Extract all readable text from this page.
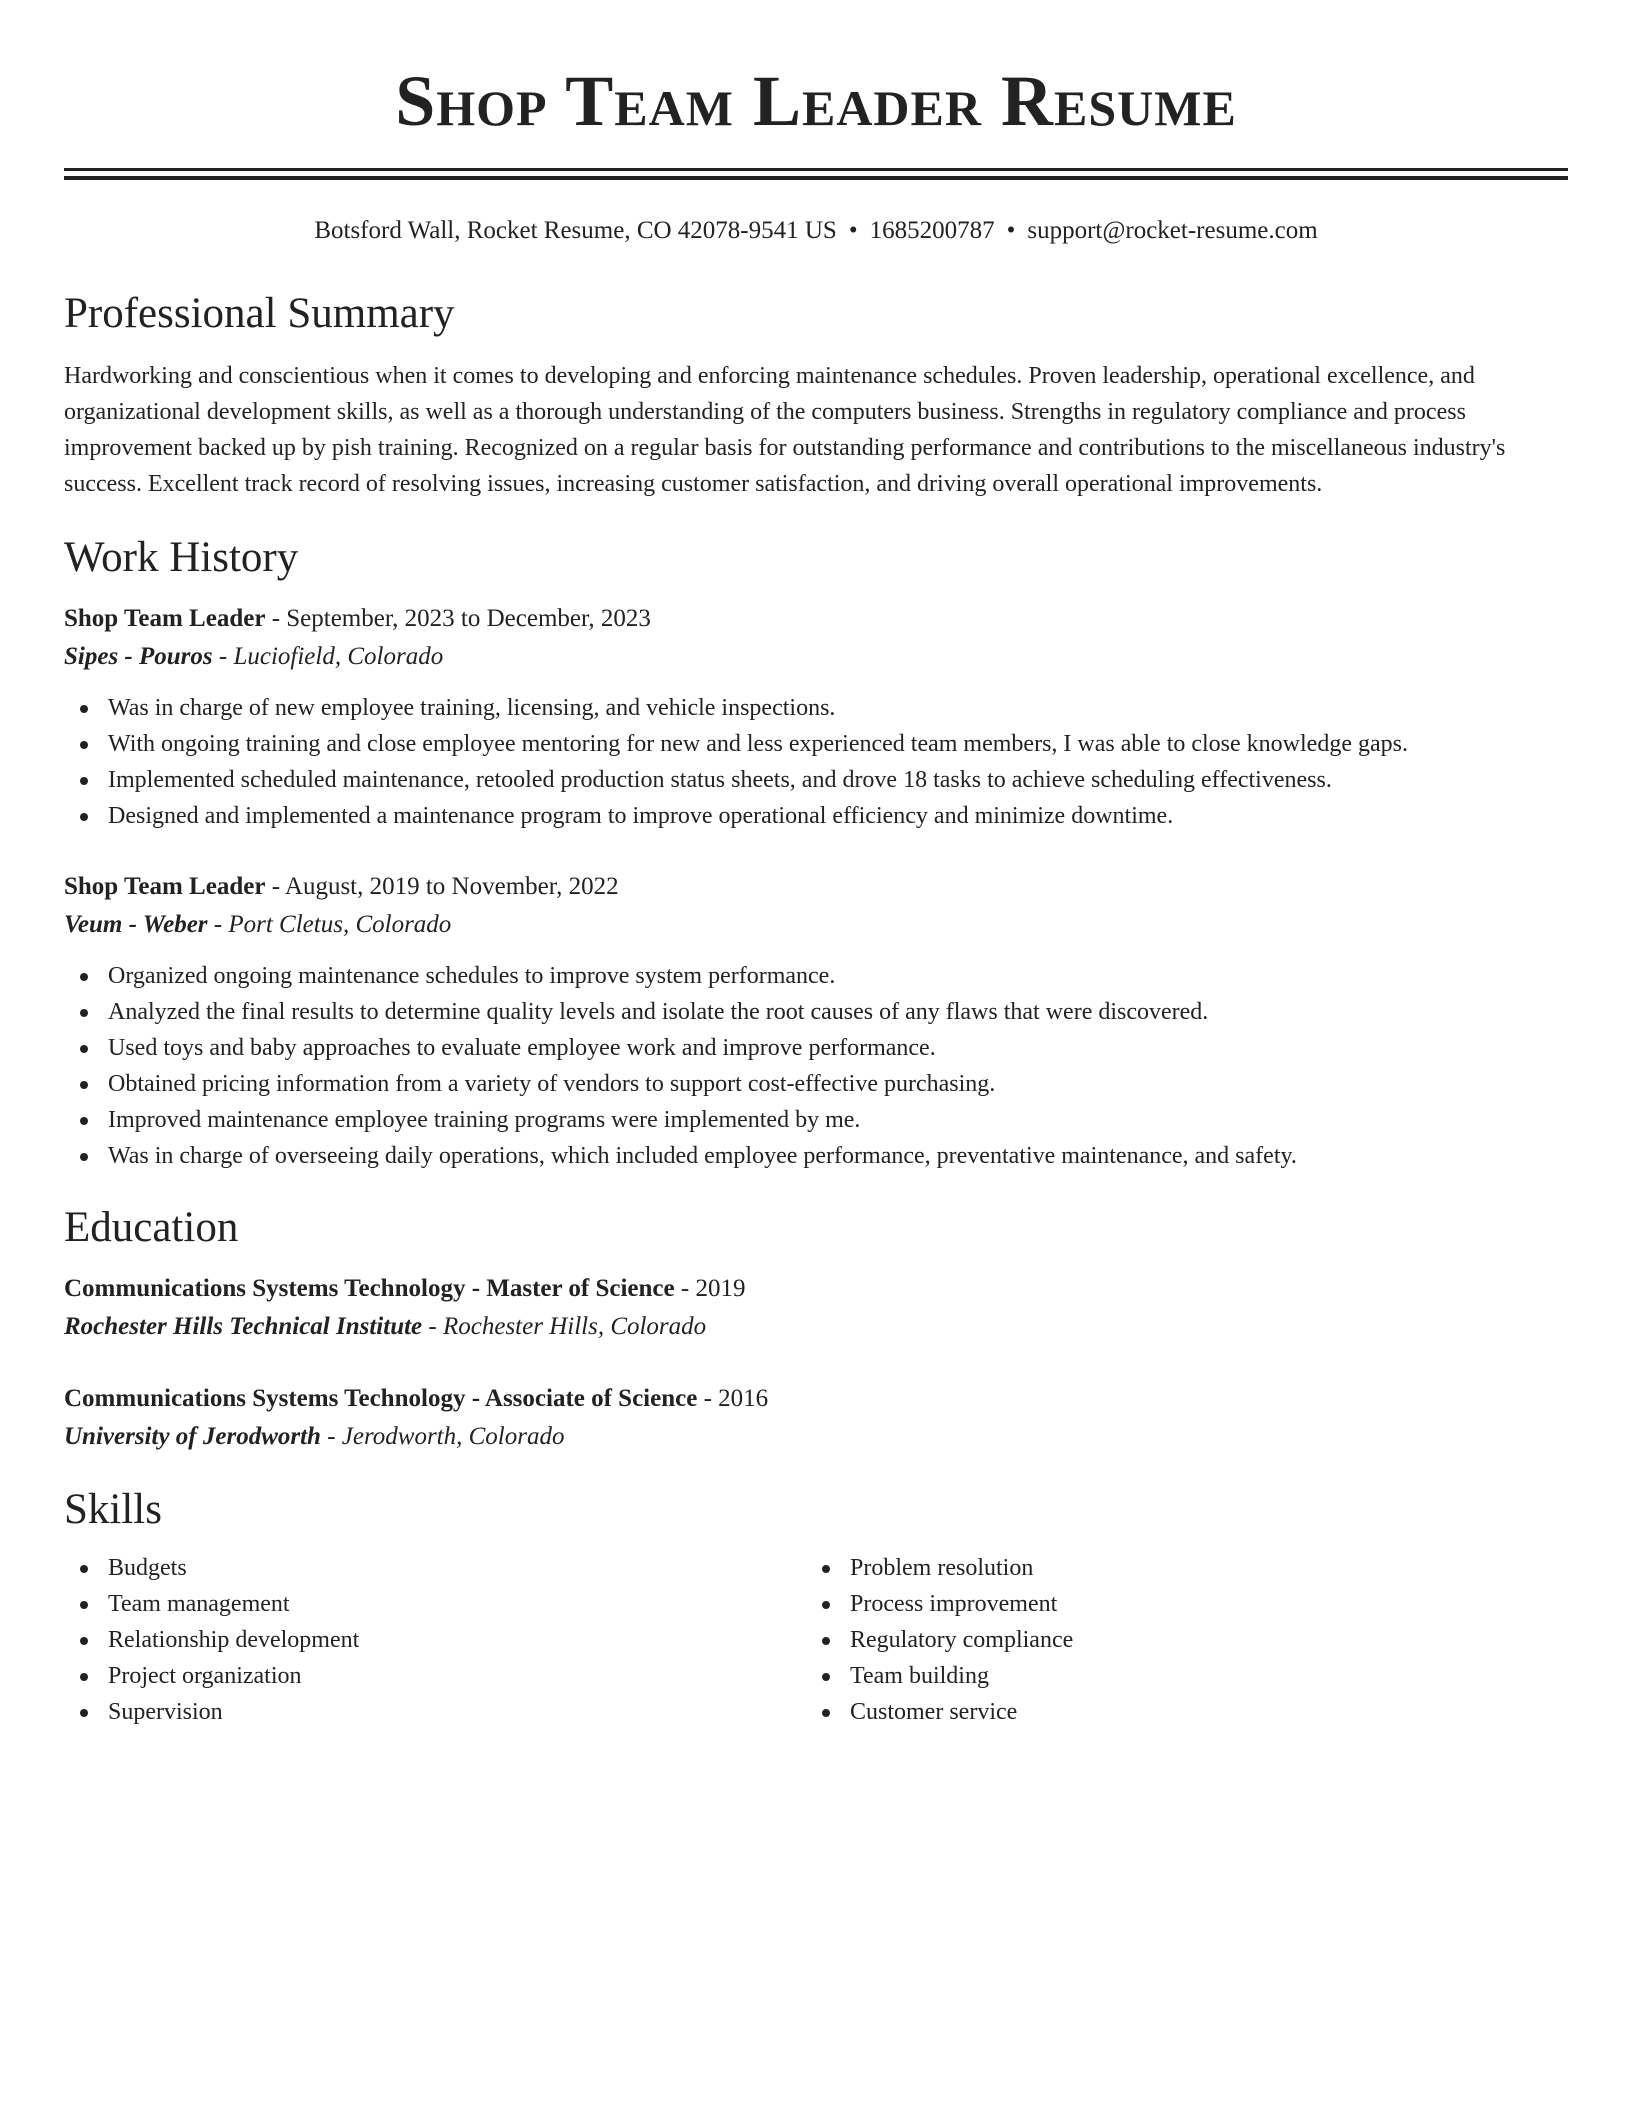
Shop Team Leader Resume
Botsford Wall, Rocket Resume, CO 42078-9541 US • 1685200787 • support@rocket-resume.com
Professional Summary
Hardworking and conscientious when it comes to developing and enforcing maintenance schedules. Proven leadership, operational excellence, and organizational development skills, as well as a thorough understanding of the computers business. Strengths in regulatory compliance and process improvement backed up by pish training. Recognized on a regular basis for outstanding performance and contributions to the miscellaneous industry's success. Excellent track record of resolving issues, increasing customer satisfaction, and driving overall operational improvements.
Work History
Shop Team Leader - September, 2023 to December, 2023
Sipes - Pouros - Luciofield, Colorado
Was in charge of new employee training, licensing, and vehicle inspections.
With ongoing training and close employee mentoring for new and less experienced team members, I was able to close knowledge gaps.
Implemented scheduled maintenance, retooled production status sheets, and drove 18 tasks to achieve scheduling effectiveness.
Designed and implemented a maintenance program to improve operational efficiency and minimize downtime.
Shop Team Leader - August, 2019 to November, 2022
Veum - Weber - Port Cletus, Colorado
Organized ongoing maintenance schedules to improve system performance.
Analyzed the final results to determine quality levels and isolate the root causes of any flaws that were discovered.
Used toys and baby approaches to evaluate employee work and improve performance.
Obtained pricing information from a variety of vendors to support cost-effective purchasing.
Improved maintenance employee training programs were implemented by me.
Was in charge of overseeing daily operations, which included employee performance, preventative maintenance, and safety.
Education
Communications Systems Technology - Master of Science - 2019
Rochester Hills Technical Institute - Rochester Hills, Colorado
Communications Systems Technology - Associate of Science - 2016
University of Jerodworth - Jerodworth, Colorado
Skills
Budgets
Team management
Relationship development
Project organization
Supervision
Problem resolution
Process improvement
Regulatory compliance
Team building
Customer service
